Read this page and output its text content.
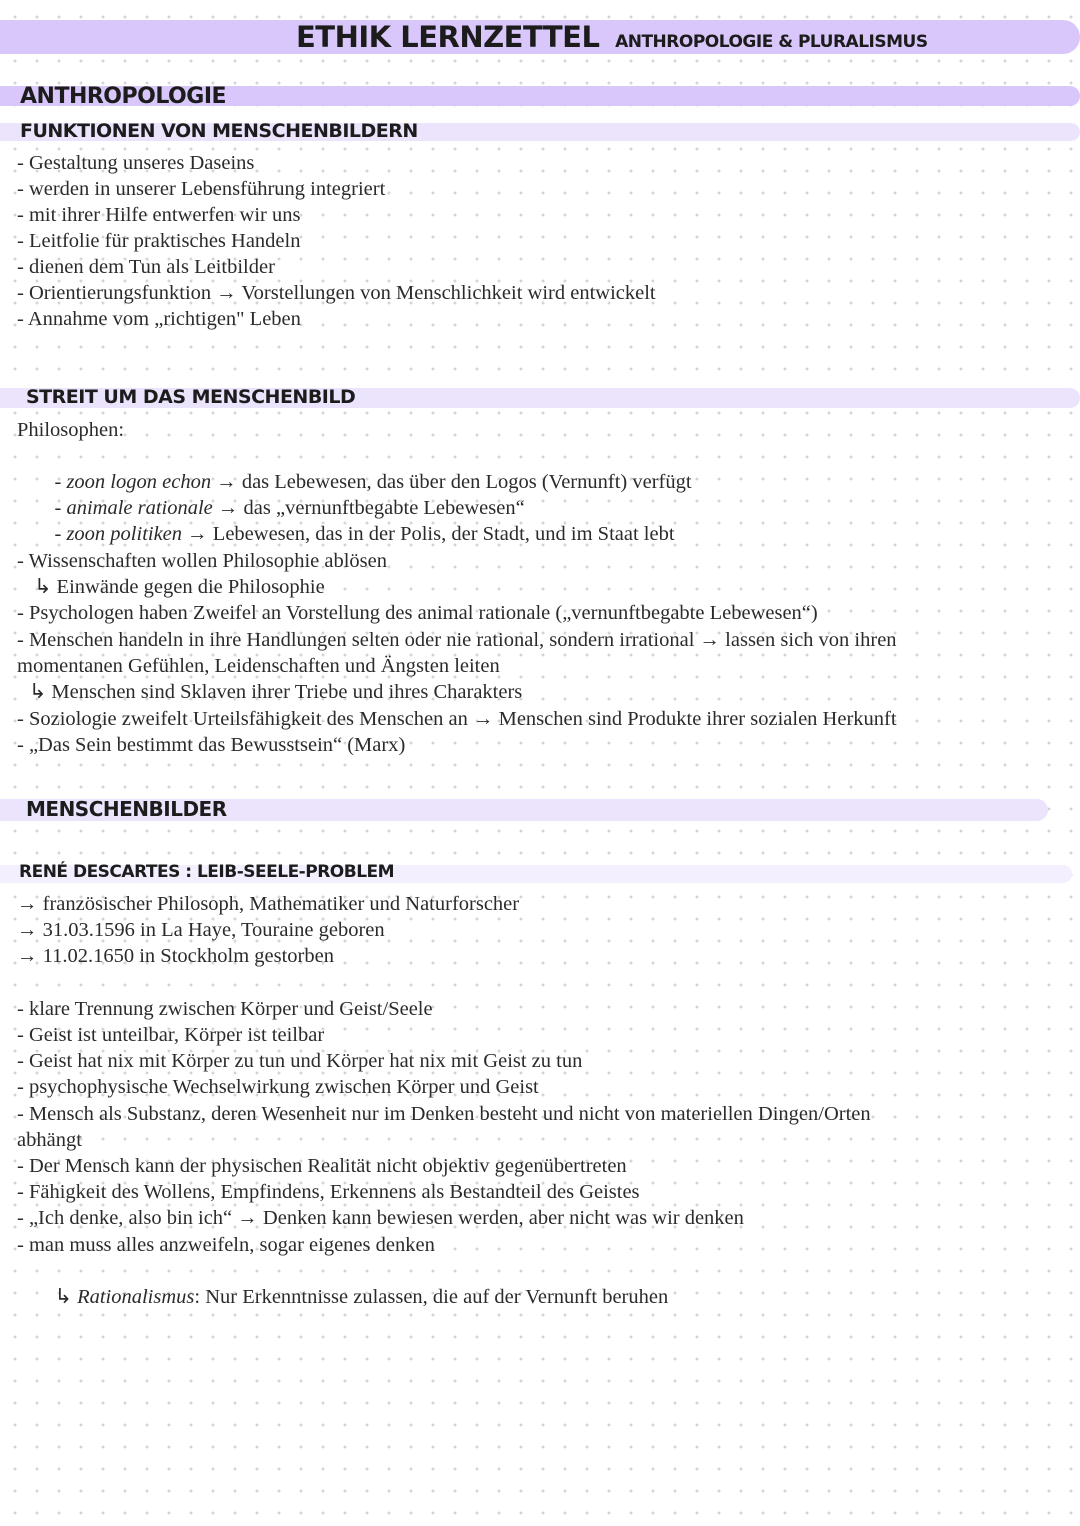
ETHIK LERNZETTEL ANTHROPOLOGIE & PLURALISMUS
ANTHROPOLOGIE
FUNKTIONEN VON MENSCHENBILDERN
- Gestaltung unseres Daseins
- werden in unserer Lebensführung integriert
- mit ihrer Hilfe entwerfen wir uns
- Leitfolie für praktisches Handeln
- dienen dem Tun als Leitbilder
- Orientierungsfunktion → Vorstellungen von Menschlichkeit wird entwickelt
- Annahme vom „richtigen" Leben
STREIT UM DAS MENSCHENBILD
Philosophen:

- zoon logon echon → das Lebewesen, das über den Logos (Vernunft) verfügt

- animale rationale → das „vernunftbegabte Lebewesen“

- zoon politiken → Lebewesen, das in der Polis, der Stadt, und im Staat lebt

- Wissenschaften wollen Philosophie ablösen
↳ Einwände gegen die Philosophie
- Psychologen haben Zweifel an Vorstellung des animal rationale („vernunftbegabte Lebewesen“)
- Menschen handeln in ihre Handlungen selten oder nie rational, sondern irrational → lassen sich von ihren
momentanen Gefühlen, Leidenschaften und Ängsten leiten
↳ Menschen sind Sklaven ihrer Triebe und ihres Charakters
- Soziologie zweifelt Urteilsfähigkeit des Menschen an → Menschen sind Produkte ihrer sozialen Herkunft
- „Das Sein bestimmt das Bewusstsein“ (Marx)
MENSCHENBILDER
RENÉ DESCARTES : LEIB-SEELE-PROBLEM
→ französischer Philosoph, Mathematiker und Naturforscher
→ 31.03.1596 in La Haye, Touraine geboren
→ 11.02.1650 in Stockholm gestorben
- klare Trennung zwischen Körper und Geist/Seele
- Geist ist unteilbar, Körper ist teilbar
- Geist hat nix mit Körper zu tun und Körper hat nix mit Geist zu tun
- psychophysische Wechselwirkung zwischen Körper und Geist
- Mensch als Substanz, deren Wesenheit nur im Denken besteht und nicht von materiellen Dingen/Orten
abhängt
- Der Mensch kann der physischen Realität nicht objektiv gegenübertreten
- Fähigkeit des Wollens, Empfindens, Erkennens als Bestandteil des Geistes
- „Ich denke, also bin ich“ → Denken kann bewiesen werden, aber nicht was wir denken
- man muss alles anzweifeln, sogar eigenes denken

↳ Rationalismus: Nur Erkenntnisse zulassen, die auf der Vernunft beruhen
